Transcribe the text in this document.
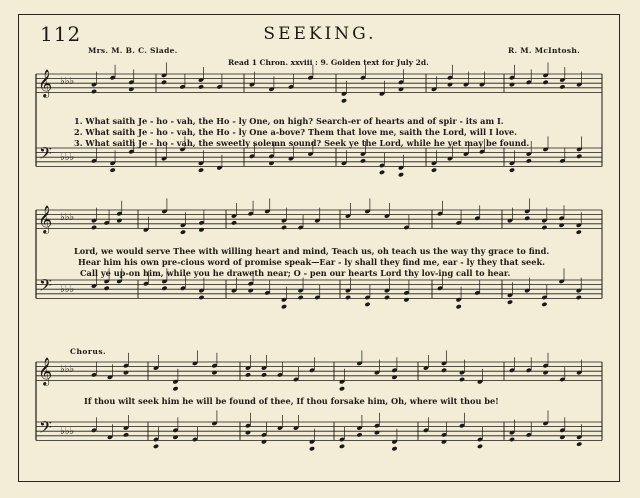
112	SEEKING.
Mrs. M. B. C. Slade.	R. M. McIntosh.
Read 1 Chron. xxviii : 9. Golden text for July 2d.
𝄞
𝄢
♭♭♭
♭♭♭
𝄞
𝄢
♭♭♭
♭♭♭
𝄞
𝄢
♭♭♭
♭♭♭
1. What saith Je - ho - vah, the Ho - ly One, on high? Search-er of hearts and of spir - its am I.
2. What saith Je - ho - vah, the Ho - ly One a-bove? Them that love me, saith the Lord, will I love.
3. What saith Je - ho - vah, the sweetly solemn sound? Seek ye the Lord, while he yet may be found.
Lord, we would serve Thee with willing heart and mind, Teach us, oh teach us the way thy grace to find.
Hear him his own pre-cious word of promise speak—Ear - ly shall they find me, ear - ly they that seek.
Call ye up-on him, while you he draweth near; O - pen our hearts Lord thy lov-ing call to hear.
Chorus.
If thou wilt seek him he will be found of thee, If thou forsake him, Oh, where wilt thou be!
